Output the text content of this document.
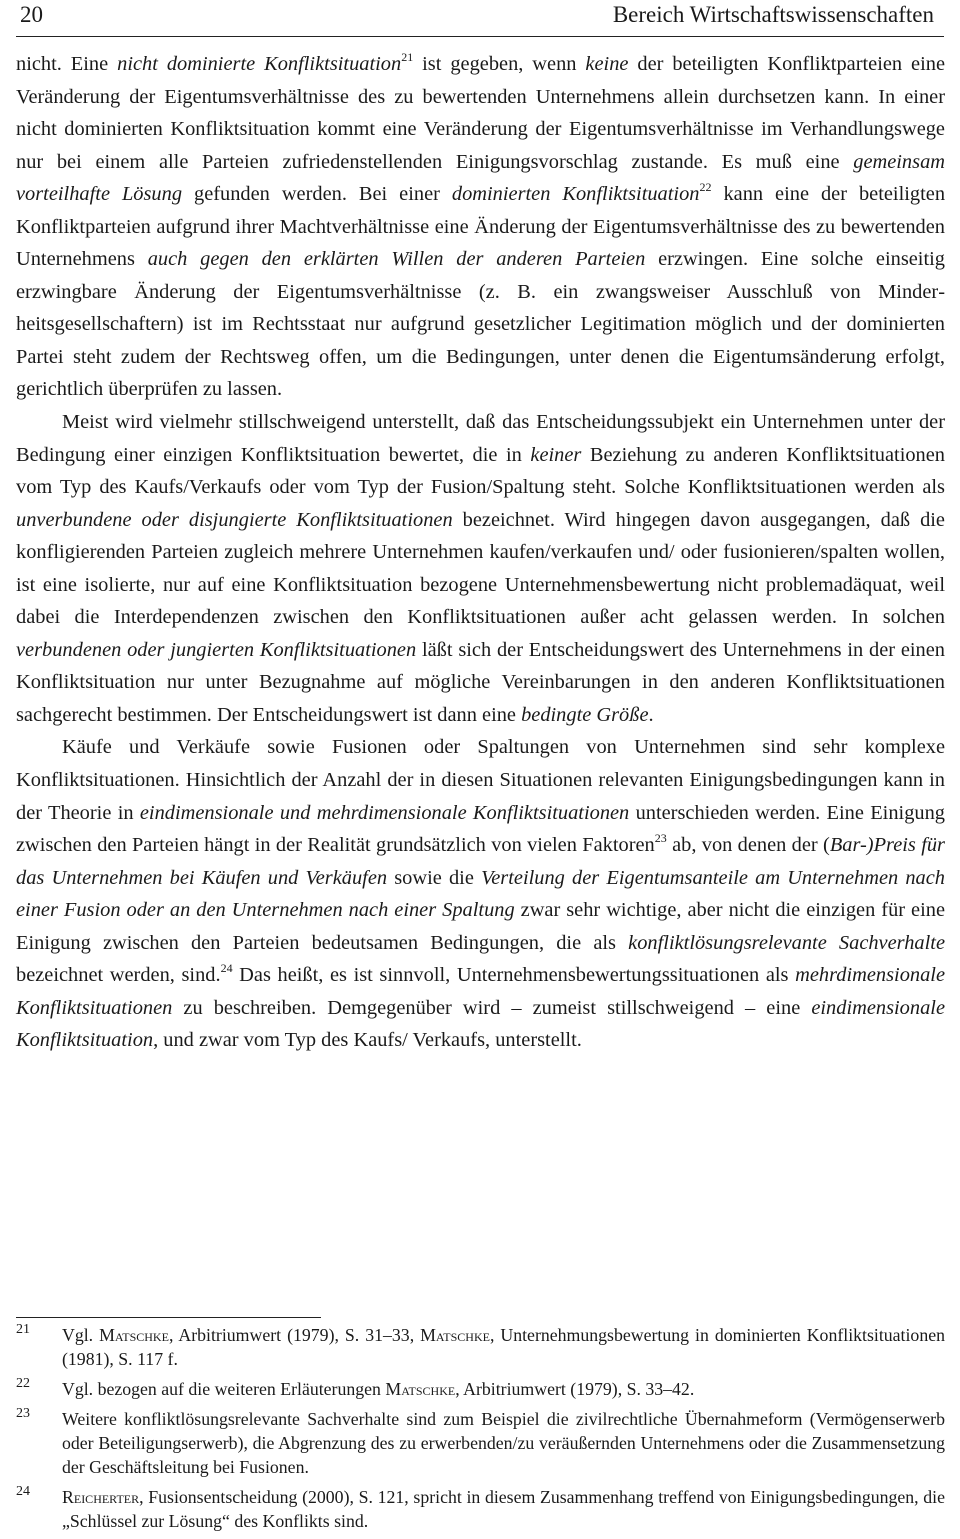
20	Bereich Wirtschaftswissenschaften

nicht. Eine nicht dominierte Konfliktsituation$^{21}$ ist gegeben, wenn keine der beteiligten Konfliktparteien eine Veränderung der Eigentumsverhältnisse des zu bewertenden Unternehmens allein durchsetzen kann. In einer nicht dominierten Konfliktsituation kommt eine Veränderung der Eigentumsverhältnisse im Verhandlungswege nur bei einem alle Parteien zufriedenstellenden Einigungsvorschlag zustande. Es muß eine gemeinsam vorteilhafte Lösung gefunden werden. Bei einer dominierten Konfliktsituation$^{22}$ kann eine der beteiligten Konfliktparteien aufgrund ihrer Machtverhältnisse eine Änderung der Eigentumsverhältnisse des zu bewertenden Unternehmens auch gegen den erklärten Willen der anderen Parteien erzwingen. Eine solche einseitig erzwingbare Änderung der Eigentumsverhältnisse (z. B. ein zwangsweiser Ausschluß von Minderheitsgesellschaftern) ist im Rechtsstaat nur aufgrund gesetzlicher Legitimation möglich und der dominierten Partei steht zudem der Rechtsweg offen, um die Bedingungen, unter denen die Eigentumsänderung erfolgt, gerichtlich überprüfen zu lassen.

Meist wird vielmehr stillschweigend unterstellt, daß das Entscheidungssubjekt ein Unternehmen unter der Bedingung einer einzigen Konfliktsituation bewertet, die in keiner Beziehung zu anderen Konfliktsituationen vom Typ des Kaufs/Verkaufs oder vom Typ der Fusion/Spaltung steht. Solche Konfliktsituationen werden als unverbundene oder disjungierte Konfliktsituationen bezeichnet. Wird hingegen davon ausgegangen, daß die konfligierenden Parteien zugleich mehrere Unternehmen kaufen/verkaufen und/ oder fusionieren/spalten wollen, ist eine isolierte, nur auf eine Konfliktsituation bezogene Unternehmensbewertung nicht problemadäquat, weil dabei die Interdependenzen zwischen den Konfliktsituationen außer acht gelassen werden. In solchen verbundenen oder jungierten Konfliktsituationen läßt sich der Entscheidungswert des Unternehmens in der einen Konfliktsituation nur unter Bezugnahme auf mögliche Vereinbarungen in den anderen Konfliktsituationen sachgerecht bestimmen. Der Entscheidungswert ist dann eine bedingte Größe.

Käufe und Verkäufe sowie Fusionen oder Spaltungen von Unternehmen sind sehr komplexe Konfliktsituationen. Hinsichtlich der Anzahl der in diesen Situationen relevanten Einigungsbedingungen kann in der Theorie in eindimensionale und mehrdimensionale Konfliktsituationen unterschieden werden. Eine Einigung zwischen den Parteien hängt in der Realität grundsätzlich von vielen Faktoren$^{23}$ ab, von denen der (Bar-)Preis für das Unternehmen bei Käufen und Verkäufen sowie die Verteilung der Eigentumsanteile am Unternehmen nach einer Fusion oder an den Unternehmen nach einer Spaltung zwar sehr wichtige, aber nicht die einzigen für eine Einigung zwischen den Parteien bedeutsamen Bedingungen, die als konfliktlösungsrelevante Sachverhalte bezeichnet werden, sind.$^{24}$ Das heißt, es ist sinnvoll, Unternehmensbewertungssituationen als mehrdimensionale Konfliktsituationen zu beschreiben. Demgegenüber wird – zumeist stillschweigend – eine eindimensionale Konfliktsituation, und zwar vom Typ des Kaufs/ Verkaufs, unterstellt.

21	Vgl. Matschke, Arbitriumwert (1979), S. 31–33, Matschke, Unternehmungsbewertung in dominierten Konfliktsituationen (1981), S. 117 f.
22	Vgl. bezogen auf die weiteren Erläuterungen Matschke, Arbitriumwert (1979), S. 33–42.
23	Weitere konfliktlösungsrelevante Sachverhalte sind zum Beispiel die zivilrechtliche Übernahmeform (Vermögenserwerb oder Beteiligungserwerb), die Abgrenzung des zu erwerbenden/zu veräußernden Unternehmens oder die Zusammensetzung der Geschäftsleitung bei Fusionen.
24	Reicherter, Fusionsentscheidung (2000), S. 121, spricht in diesem Zusammenhang treffend von Einigungsbedingungen, die „Schlüssel zur Lösung“ des Konflikts sind.
